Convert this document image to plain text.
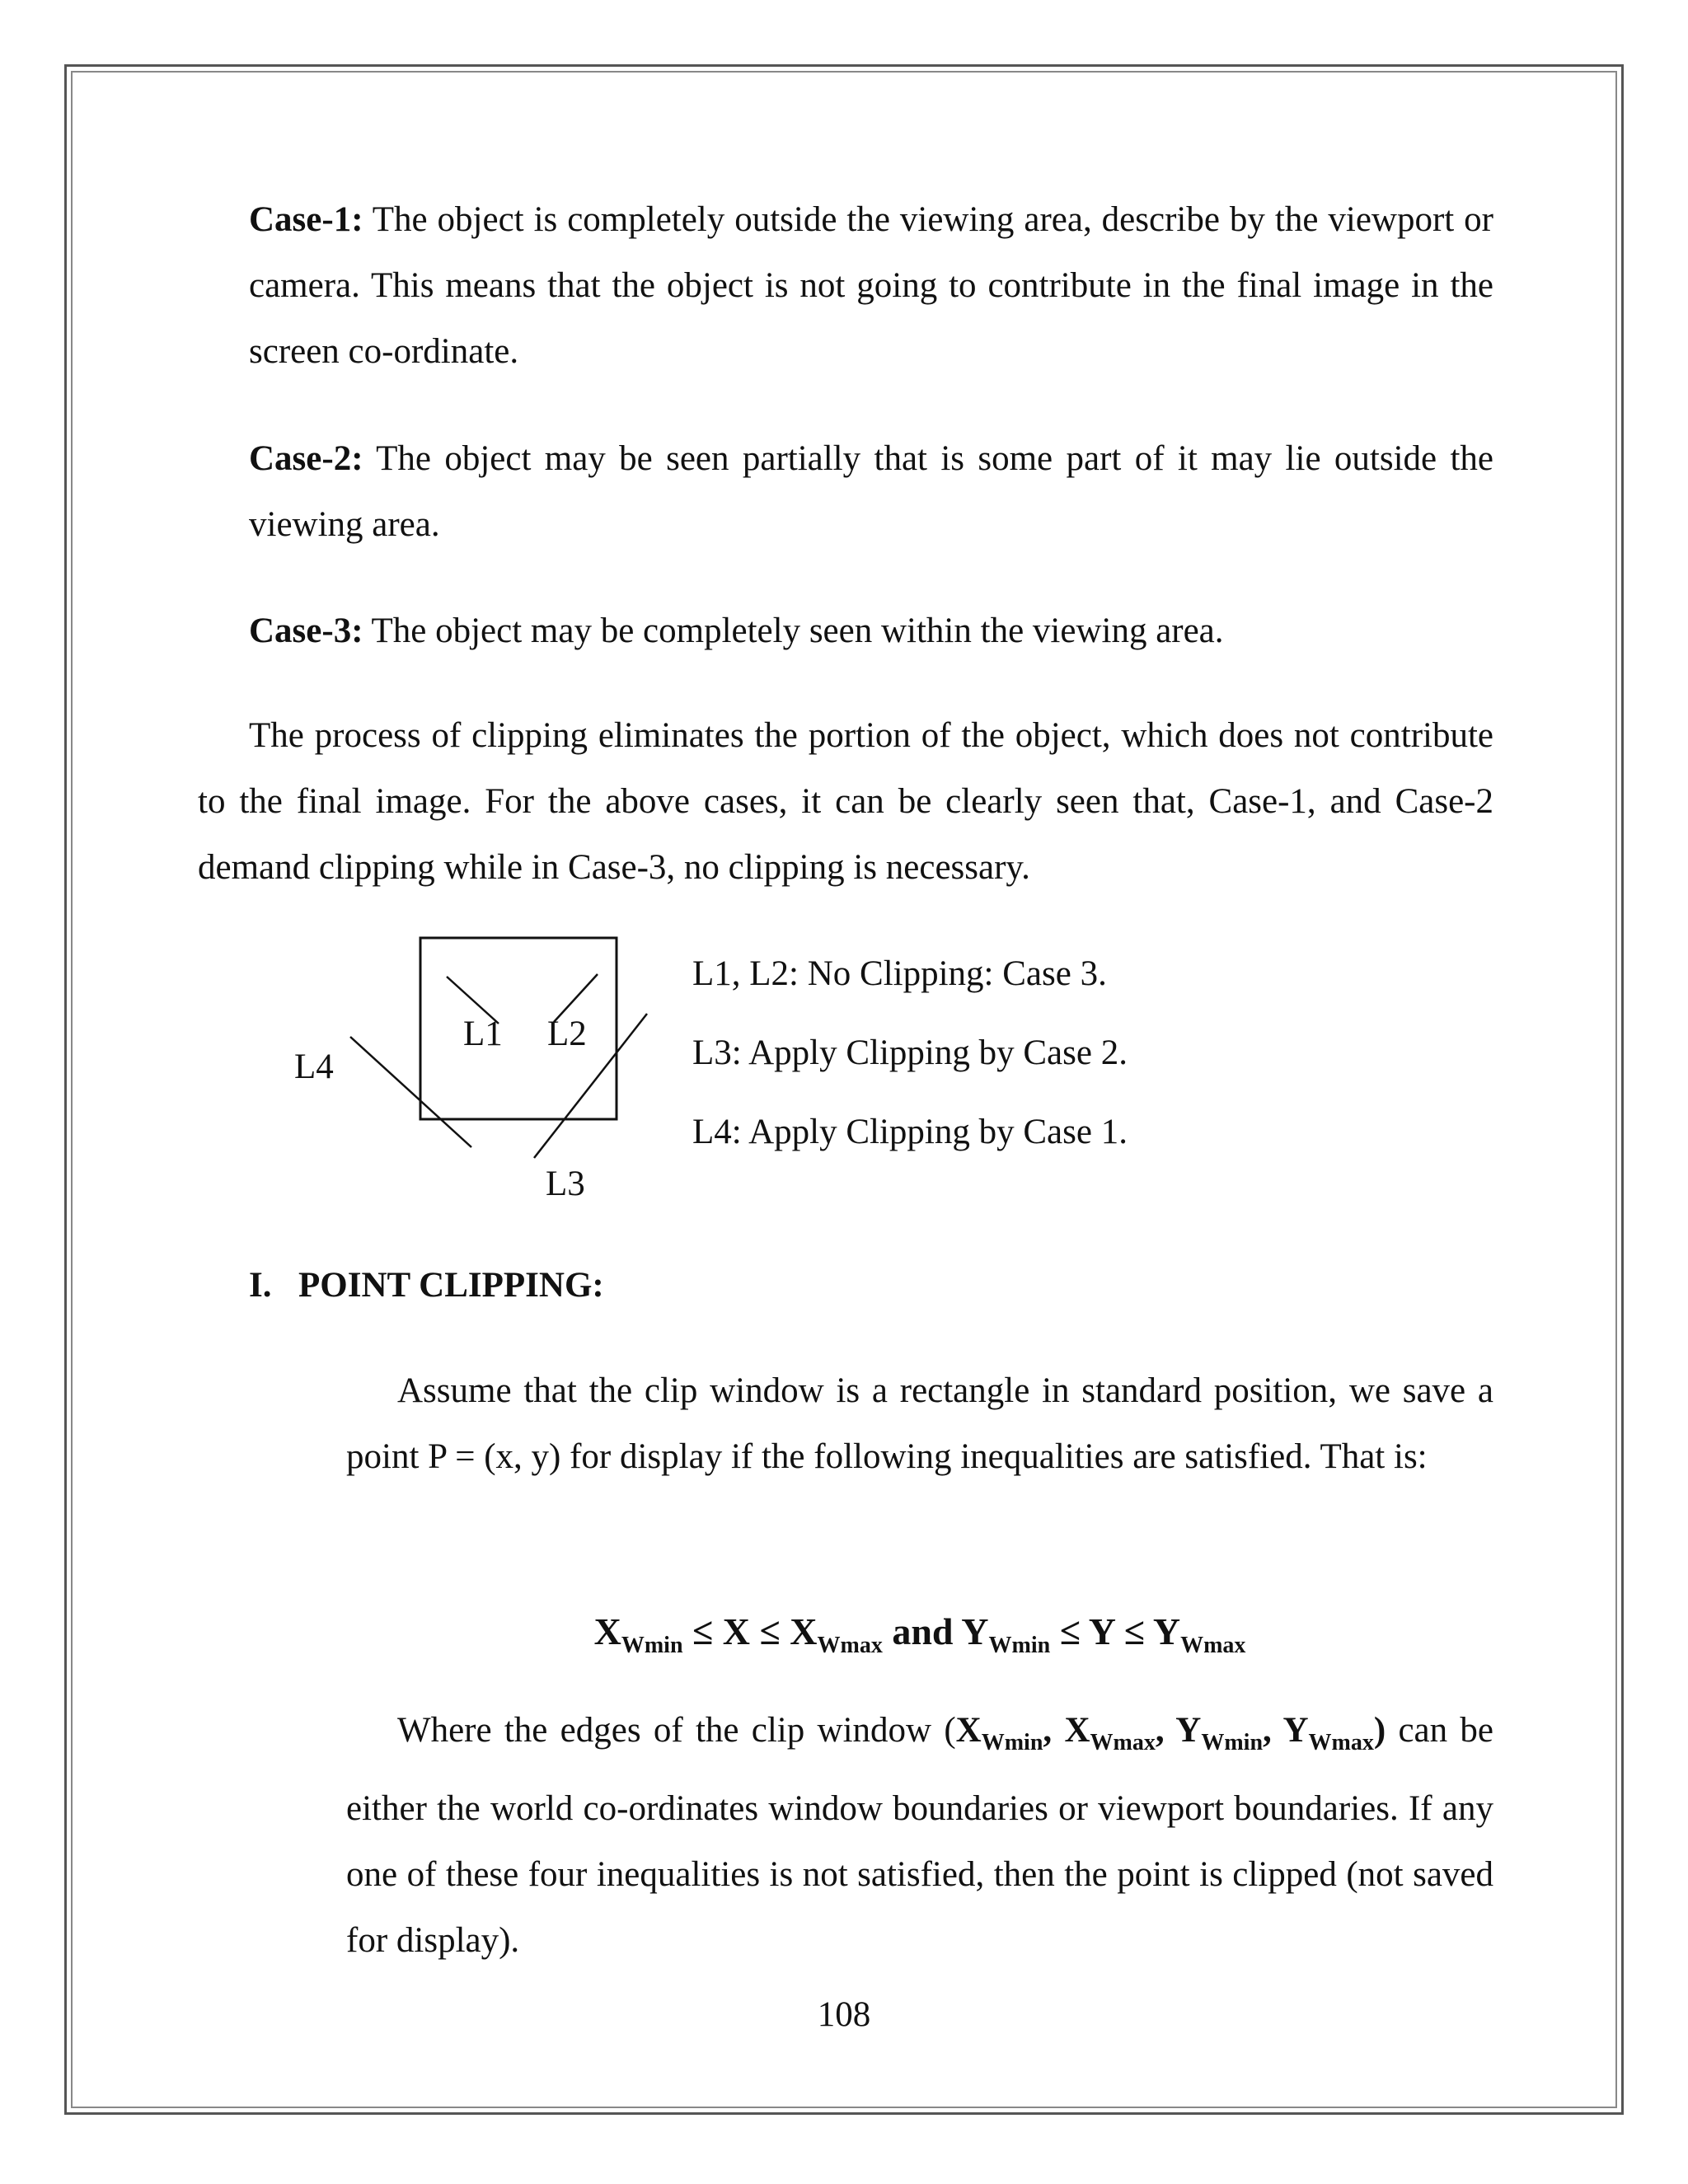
Case-1: The object is completely outside the viewing area, describe by the viewport or camera. This means that the object is not going to contribute in the final image in the screen co-ordinate.

Case-2: The object may be seen partially that is some part of it may lie outside the viewing area.

Case-3: The object may be completely seen within the viewing area.

The process of clipping eliminates the portion of the object, which does not contribute to the final image. For the above cases, it can be clearly seen that, Case-1, and Case-2 demand clipping while in Case-3, no clipping is necessary.

L1 L2
L3
L4
L1, L2: No Clipping: Case 3.
L3: Apply Clipping by Case 2.
L4: Apply Clipping by Case 1.
I. POINT CLIPPING:

Assume that the clip window is a rectangle in standard position, we save a point P = (x, y) for display if the following inequalities are satisfied. That is:

$X_{Wmin} \le X \le X_{Wmax}$ and $Y_{Wmin} \le Y \le Y_{Wmax}$

Where the edges of the clip window ($X_{Wmin}$, $X_{Wmax}$, $Y_{Wmin}$, $Y_{Wmax}$) can be either the world co-ordinates window boundaries or viewport boundaries. If any one of these four inequalities is not satisfied, then the point is clipped (not saved for display).

108
